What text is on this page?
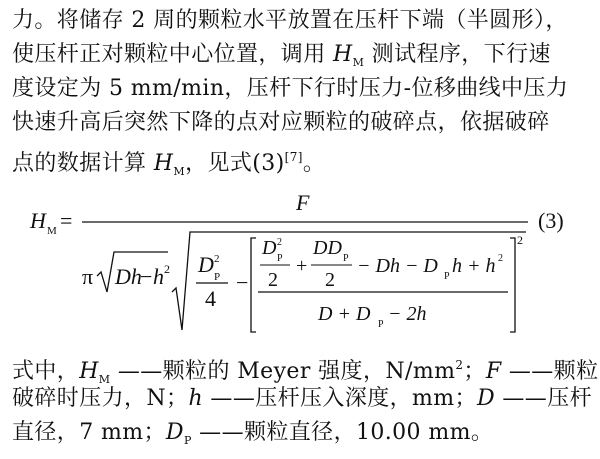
力。将储存 2 周的颗粒水平放置在压杆下端（半圆形），
使压杆正对颗粒中心位置，调用 $H_M$ 测试程序，下行速
度设定为 5 mm/min，压杆下行时压力-位移曲线中压力
快速升高后突然下降的点对应颗粒的破碎点，依据破碎
点的数据计算 $H_M$，见式(3)[7]。
H M =
F
(3)
π Dh
− h 2 D P
2
4
−
2
D P
2
2
+
DD P
2
− Dh − D P h + h 2
D + D P − 2h
式中，$H_M$ ——颗粒的 Meyer 强度，$N/mm^2$；F ——颗粒
破碎时压力，N；h ——压杆压入深度，mm；D ——压杆
直径，7 mm；$D_P$ ——颗粒直径，10.00 mm。
